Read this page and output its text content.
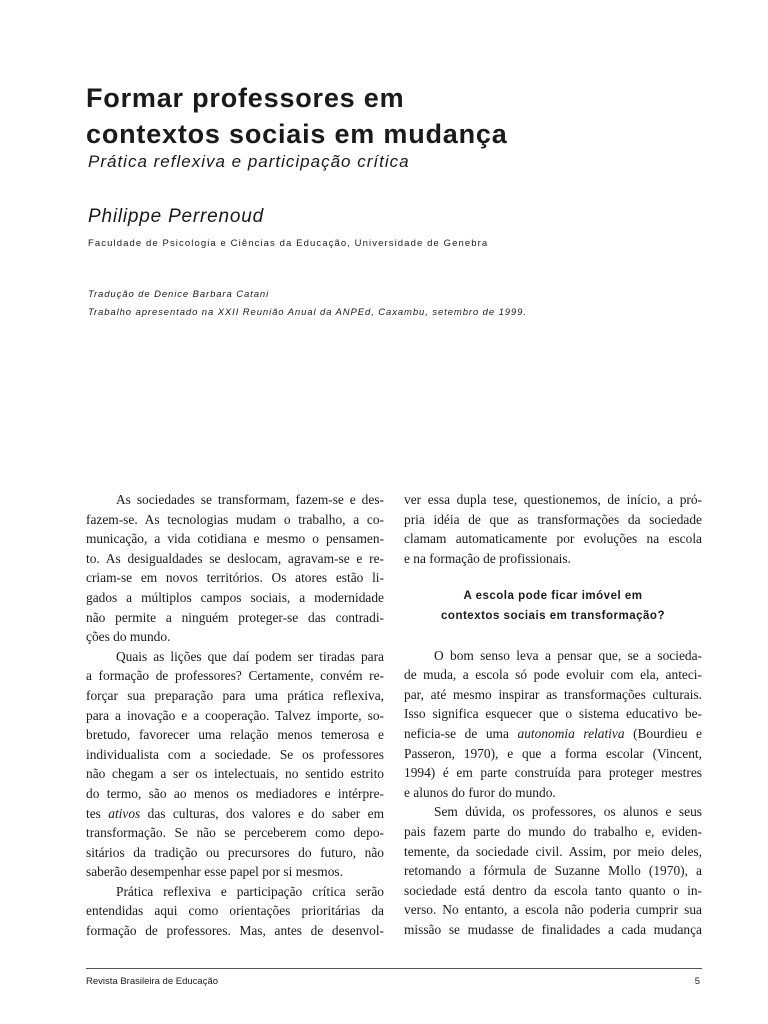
Formar professores em
contextos sociais em mudança
Prática reflexiva e participação crítica
Philippe Perrenoud
Faculdade de Psicologia e Ciências da Educação, Universidade de Genebra
Tradução de Denice Barbara Catani
Trabalho apresentado na XXII Reunião Anual da ANPEd, Caxambu, setembro de 1999.
As sociedades se transformam, fazem-se e des-
fazem-se. As tecnologias mudam o trabalho, a co-
municação, a vida cotidiana e mesmo o pensamen-
to. As desigualdades se deslocam, agravam-se e re-
criam-se em novos territórios. Os atores estão li-
gados a múltiplos campos sociais, a modernidade
não permite a ninguém proteger-se das contradi-
ções do mundo.
Quais as lições que daí podem ser tiradas para
a formação de professores? Certamente, convém re-
forçar sua preparação para uma prática reflexiva,
para a inovação e a cooperação. Talvez importe, so-
bretudo, favorecer uma relação menos temerosa e
individualista com a sociedade. Se os professores
não chegam a ser os intelectuais, no sentido estrito
do termo, são ao menos os mediadores e intérpre-
tes ativos das culturas, dos valores e do saber em
transformação. Se não se perceberem como depo-
sitários da tradição ou precursores do futuro, não
saberão desempenhar esse papel por si mesmos.
Prática reflexiva e participação crítica serão
entendidas aqui como orientações prioritárias da
formação de professores. Mas, antes de desenvol-
ver essa dupla tese, questionemos, de início, a pró-
pria idéia de que as transformações da sociedade
clamam automaticamente por evoluções na escola
e na formação de profissionais.
A escola pode ficar imóvel em
contextos sociais em transformação?
O bom senso leva a pensar que, se a socieda-
de muda, a escola só pode evoluir com ela, anteci-
par, até mesmo inspirar as transformações culturais.
Isso significa esquecer que o sistema educativo be-
neficia-se de uma autonomia relativa (Bourdieu e
Passeron, 1970), e que a forma escolar (Vincent,
1994) é em parte construída para proteger mestres
e alunos do furor do mundo.
Sem dúvida, os professores, os alunos e seus
pais fazem parte do mundo do trabalho e, eviden-
temente, da sociedade civil. Assim, por meio deles,
retomando a fórmula de Suzanne Mollo (1970), a
sociedade está dentro da escola tanto quanto o in-
verso. No entanto, a escola não poderia cumprir sua
missão se mudasse de finalidades a cada mudança
Revista Brasileira de Educação	5
